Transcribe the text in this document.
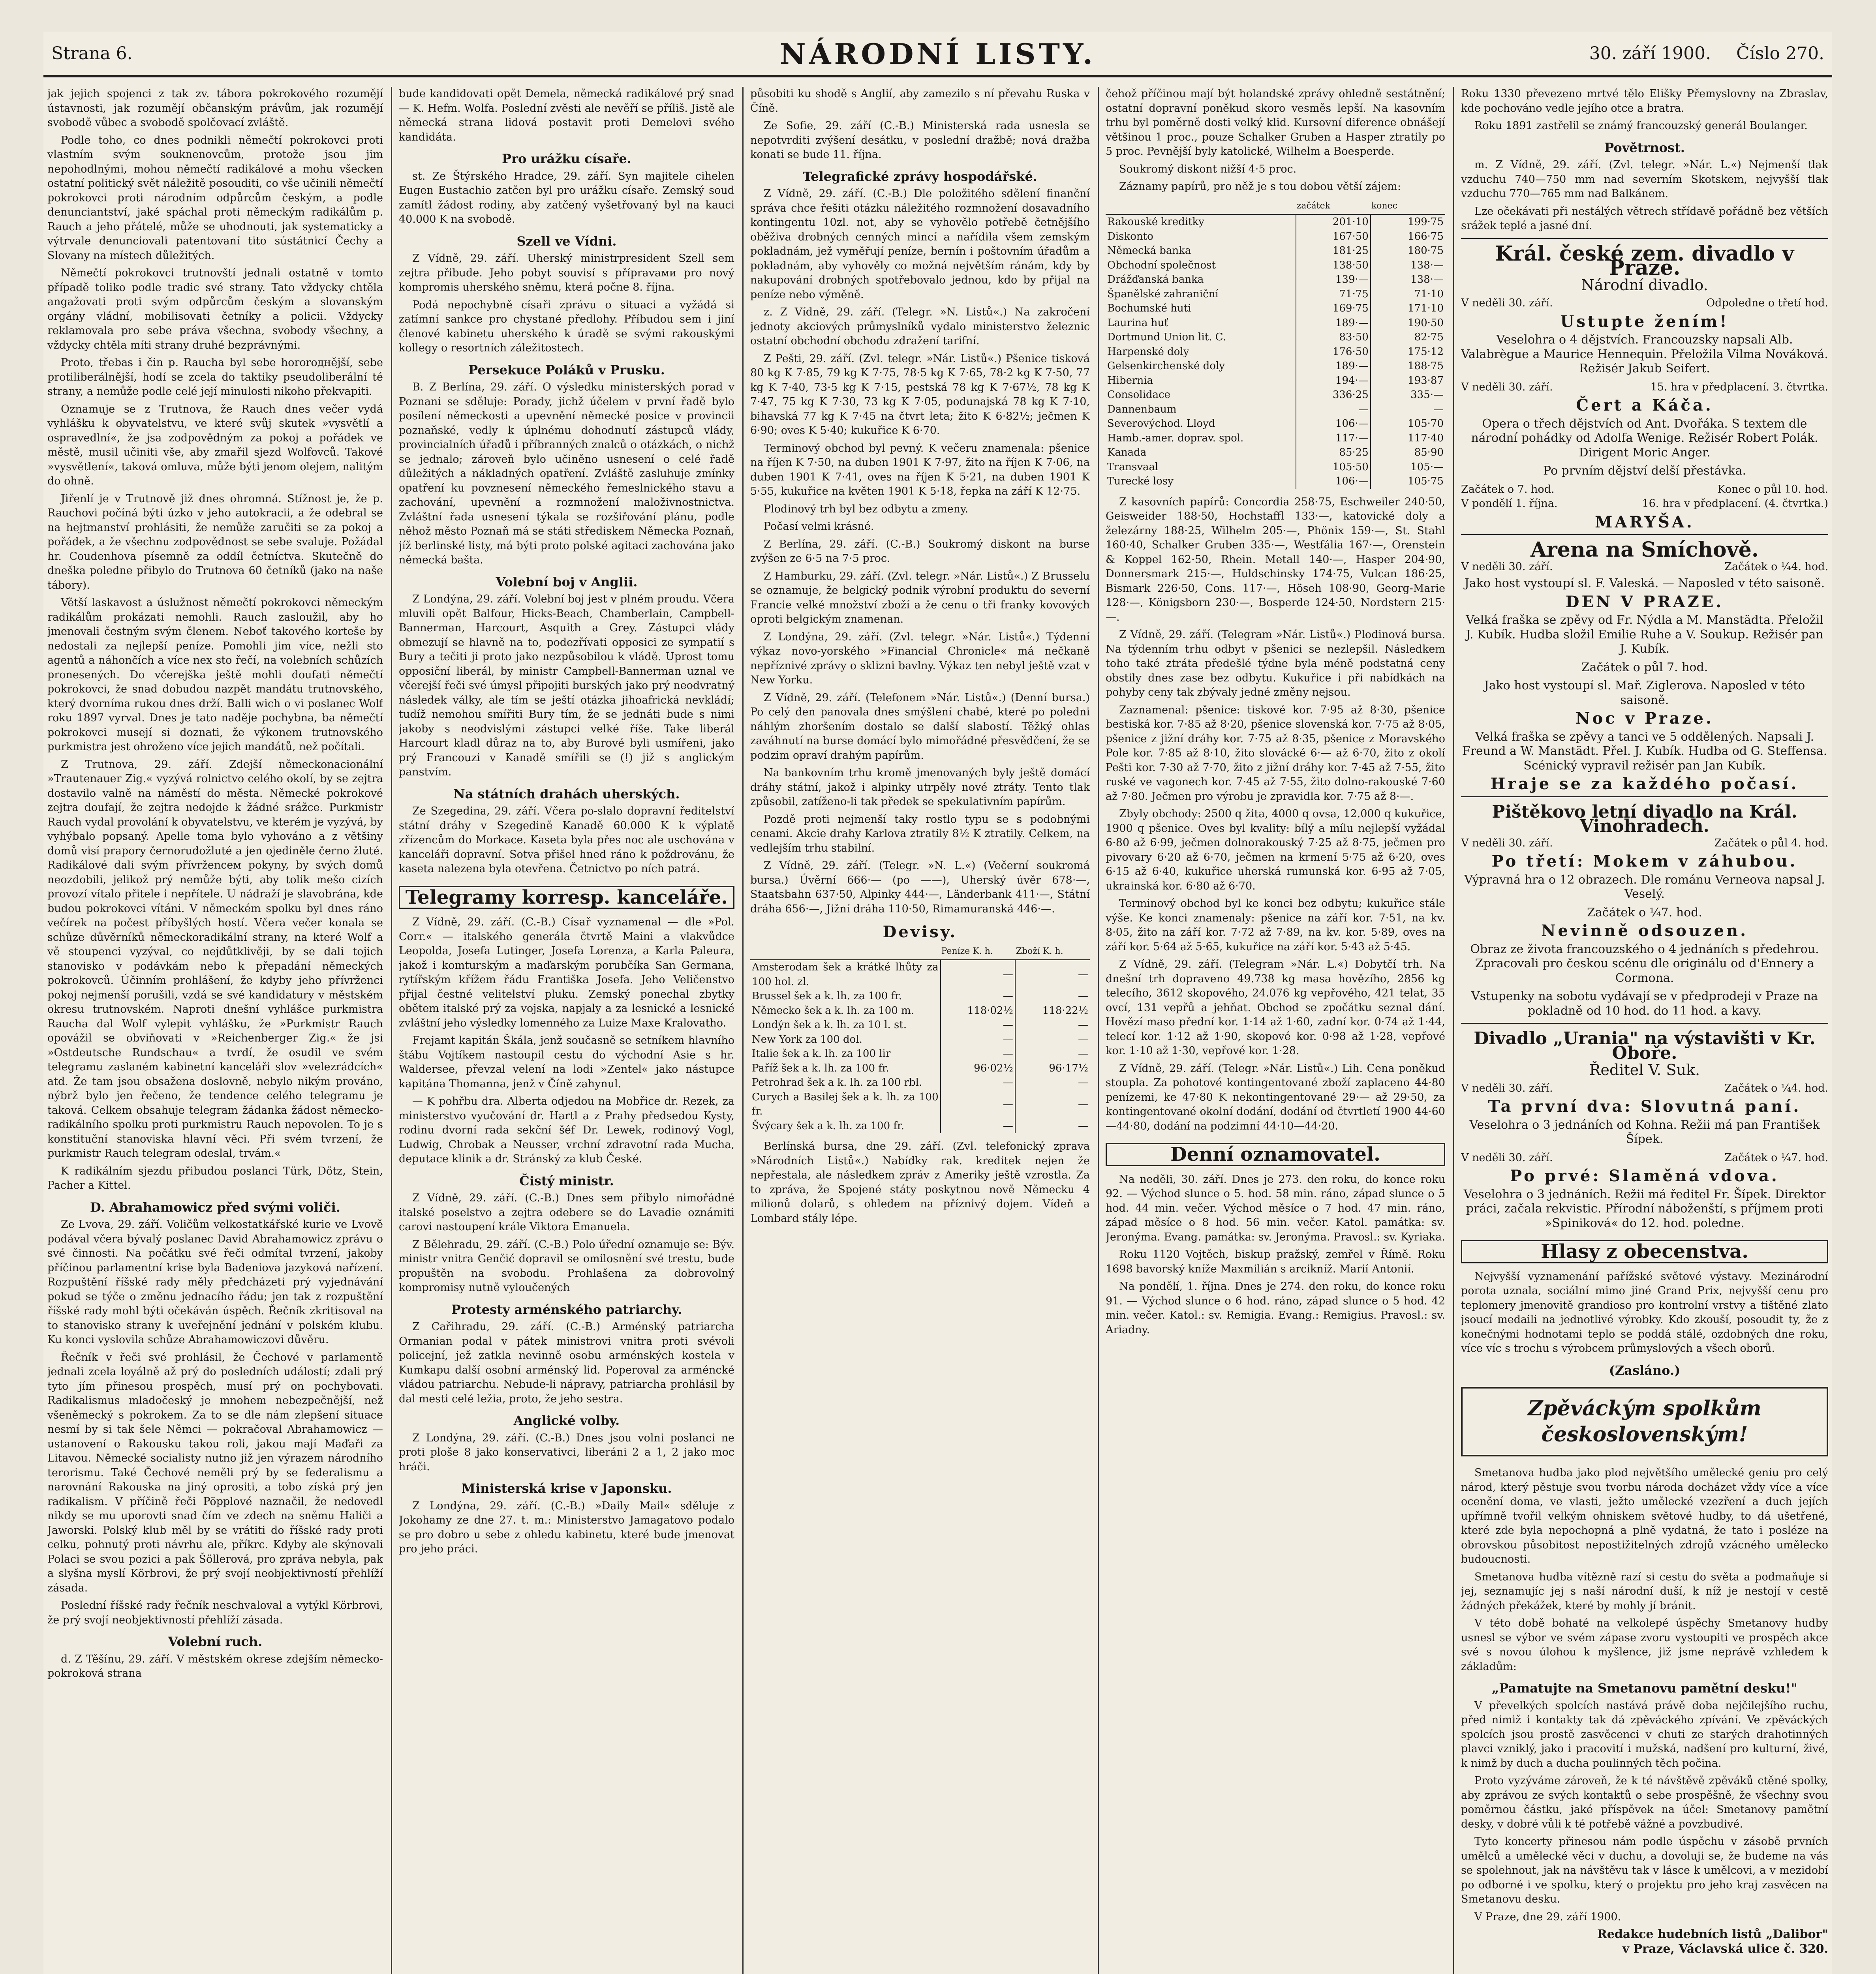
Strana 6.	NÁRODNÍ LISTY.	30. září 1900. Číslo 270.

jak jejich spojenci z tak zv. táborа pokrokového rozumějí ústavnosti, jak rozumějí občanským právům, jak rozumějí svobodě vůbec a svobodě spolčovací zvláště.

Podle toho, co dnes podnikli němečtí pokrokovci proti vlastním svým souknenovcům, protože jsou jim nepohodlnými, mohou němečtí radikálové a mohu všecken ostatní politický svět náležitě posouditi, co vše učinili němečtí pokrokovci proti národním odpůrcům českým, a podle denunciantství, jaké spáchal proti německým radikálům p. Rauch a jeho přátelé, může se uhodnouti, jak systematicky a výtrvale denunciovali patentovaní tito sústátnicí Čechy a Slovany na místech důležitých.

Němečtí pokrokovci trutnovští jednali ostatně v tomto případě toliko podle tradic své strany. Tato vždycky chtěla angažovati proti svým odpůrcům českým a slovanským orgány vládní, mobilisovati četníky a policii. Vždycky reklamovala pro sebe práva všechna, svobody všechny, a vždycky chtěla míti strany druhé bezprávnými.

Proto, třebas i čin p. Raucha byl sebe hororoднější, sebe protiliberálnější, hodí se zcela do taktiky pseudoliberální té strany, a nemůže podle celé její minulosti nikoho překvapiti.

Oznamuje se z Trutnova, že Rauch dnes večer vydá vyhlášku k obyvatelstvu, ve které svůj skutek »vysvětlí a ospravedlní«, že jsa zodpovědným za pokoj a pořádek ve městě, musil učiniti vše, aby zmařil sjezd Wolfovců. Takové »vysvětlení«, taková omluva, může býti jenom olejem, nalitým do ohně.

Jiřenlí je v Trutnově již dnes ohromná. Stížnost je, že p. Rauchovi počíná býti úzko v jeho autokracii, a že odebral se na hejtmanství prohlásiti, že nemůže zaručiti se za pokoj a pořádek, a že všechnu zodpovědnost se sebe svaluje. Požádal hr. Coudenhova písemně za oddíl četníctva. Skutečně do dneška poledne přibylo do Trutnova 60 četníků (jako na naše tábory).

Větší laskavost a úslužnost němečtí pokrokovci německým radikálům prokázati nemohli. Rauch zasloužil, aby ho jmenovali čestným svým členem. Neboť takového korteše by nedostali za nejlepší peníze. Pomohli jim více, nežli sto agentů a náhončích a více nex sto řečí, na volebních schůzích pronesených. Do včerejška ještě mohli doufati němečtí pokrokovci, že snad dobudou nazpět mandátu trutnovského, který dvorníma rukou dnes drží. Balli wich o vi poslanec Wolf roku 1897 vyrval. Dnes je tato naděje pochybna, ba němečtí pokrokovci musejí si doznati, že výkonem trutnovského purkmistra jest ohroženo více jejich mandátů, než počítali.

Z Trutnova, 29. září. Zdejší německonacionální »Trautenauer Zig.« vyzývá rolnictvo celého okolí, by se zejtra dostavilo valně na náměstí do města. Německé pokrokové zejtra doufají, že zejtra nedojde k žádné srážce. Purkmistr Rauch vydal provolání k obyvatelstvu, ve kterém je vyzývá, by vyhýbalo popsaný. Apelle toma bylo vyhováno a z většiny domů visí prapory černorudožluté a jen ojediněle černo žluté. Radikálové dali svým přívrženceм pokyny, by svých domů neozdobili, jelikož prý nemůže býti, aby tolik mešo cizích provozí vítalo přitele i nepřítele. U nádraží je slavobrána, kde budou pokrokovci vítáni. V německém spolku byl dnes ráno večírek na počest příbyšlých hostí. Včera večer konala se schůze důvěrníků německoradikální strany, na které Wolf a vě stoupenci vyzýval, co nejdůtklivěji, by se dali tojich stanovisko v podávkám nebo k přepadání německých pokrokovců. Účinním prohlášení, že kdyby jeho přívrženci pokoj nejmenší porušili, vzdá se své kandidatury v městském okresu trutnovském. Naproti dnešní vyhlášce purkmistra Raucha dal Wolf vylepit vyhlášku, že »Purkmistr Rauch opovážil se obviňovati v »Reichenberger Zig.« že jsi »Ostdeutsche Rundschau« a tvrdí, že osudil ve svém telegramu zaslaném kabinetní kanceláři slov »velezrádcích« atd. Že tam jsou obsaženа doslovně, nebylo nikým prováno, nýbrž bylo jen řečeno, že tendence celého telegramu je taková. Celkem obsahuje telegram žádanka žádost německo-radikálního spolku proti purkmistru Rauch nepovolen. To je s konstituční stanoviska hlavní věci. Při svém tvrzení, že purkmistr Rauch telegram odeslal, trvám.«

K radikálním sjezdu přibudou poslanci Türk, Dötz, Stein, Pacher a Kittel.

D. Abrahamowicz před svými voliči.

Ze Lvova, 29. září. Voličům velkostatkářské kurie ve Lvově podával včera bývalý poslanec David Abrahamowicz zprávu o své činnosti. Na počátku své řeči odmítal tvrzení, jakoby příčinou parlamentní krise byla Badeniova jazyková nařízení. Rozpuštění říšské rady měly předcházeti prý vyjednávání pokud se týče o změnu jednacího řádu; jen tak z rozpuštění říšské rady mohl býti očekáván úspěch. Řečník zkritisoval na to stanovisko strany k uveřejnění jednání v polském klubu. Ku konci vyslovila schůze Abrahamowiczovi důvěru.

Řečník v řeči své prohlásil, že Čechové v parlamentě jednali zcela loyálně až prý do posledních událostí; zdali prý tyto jím přinesou prospěch, musí prý on pochybovati. Radikalismus mladočeský je mnohem nebezpečnější, než všeněmecký s pokrokem. Za to se dle nám zlepšení situace nesmí by si tak šele Němci — pokračoval Abrahamowicz — ustanovení o Rakousku takou roli, jakou mají Maďaři za Litavou. Německé socialisty nutno již jen výrazem národního terorismu. Také Čechové nemělі prý by se federalismu a narovnání Rakouska na jiný oprositi, a tobo získá prý jen radikalism. V příčině řeči Pöpplové naznačil, že nedovedl nikdy se mu uporovti snad čím ve zdech na sněmu Haliči a Jaworski. Polský klub měl by se vrátiti do říšské rady proti celku, pohnutý proti návrhu ale, příkrc. Kdyby ale skýnovali Polaci se svou pozici a pak Šöllerová, pro zpráva nebyla, pak a slyšna myslí Körbrovi, že prý svojí neobjektivností přehlíží zásada.

Poslední říšské rady řečník neschvaloval a vytýkl Körbrovi, že prý svojí neobjektivností přehlíží zásada.

Volební ruch.

d. Z Těšínu, 29. září. V městském okrese zdejším německo-pokroková strana

bude kandidovati opět Demela, německá radikálové prý snad — K. Hefm. Wolfa. Poslední zvěsti ale nevěří se příliš. Jistě ale německá strana lidová postavit proti Demelovi svého kandidáta.

Pro urážku císaře.

st. Ze Štýrského Hradce, 29. září. Syn majitele cihelen Eugen Eustachio zatčen byl pro urážku císaře. Zemský soud zamítl žádost rodiny, aby zatčený vyšetřovaný byl na kauci 40.000 K na svobodě.

Szell ve Vídni.

Z Vídně, 29. září. Uherský ministrpresident Szell sem zejtra přibude. Jeho pobyt souvisí s přípravами pro nový kompromis uherského sněmu, která počne 8. října.

Podá nepochybně císaři zprávu o situaci a vyžádá si zatímní sankce pro chystané předlohy. Příbudou sem i jiní členové kabinetu uherského k úradě se svými rakouskými kollegy o resortních záležitostech.

Persekuce Poláků v Prusku.

B. Z Berlína, 29. září. O výsledku ministerských porad v Poznani se sděluje: Porady, jichž účelem v první řadě bylo posílení německosti a upevnění německé posice v provincii poznaňské, vedly k úplnému dohodnutí zástupců vlády, provincialních úřadů i příbranných znalců o otázkách, o nichž se jednalo; zároveň bylo učiněno usnesení o celé řadě důležitých a nákladných opatření. Zvláště zasluhuje zmínky opatření ku povznesení německého řemeslnického stavu a zachování, upevnění a rozmnožení maloživnostnictva. Zvláštní řada usnesení týkala se rozšiřování plánu, podle něhož město Poznaň má se státi střediskem Německa Poznaň, jíž berlinské listy, má býti proto polské agitaci zachována jako německá bašta.

Volební boj v Anglii.

Z Londýna, 29. září. Volební boj jest v plném proudu. Včera mluvili opět Balfour, Hicks-Beach, Chamberlain, Campbell-Bannerman, Harcourt, Asquith a Grey. Zástupci vlády obmezují se hlavně na to, podezřívati opposici ze sympatií s Bury a tečiti ji proto jako nezpůsobilou k vládě. Uprost tomu opposiční liberál, by ministr Campbell-Bannerman uznal ve včerejší řeči své úmysl připojiti burských jako prý neodvratný následek války, ale tím se ještí otázka jihoafrická nevkládí; tudíž nemohou smířiti Bury tím, že se jednáti bude s nimi jakoby s neodvislými zástupci velké říše. Take liberál Harcourt kladl důraz na to, aby Burové byli usmířeni, jako prý Francouzi v Kanadě smířili se (!) již s anglickým panstvím.

Na státních drahách uherských.

Ze Szegedina, 29. září. Včera po-slalo dopravní ředitelství státní dráhy v Szegedině Kanadě 60.000 K k výplatě zřízencům do Morkace. Kaseta byla přes noc ale uschována v kanceláři dopravní. Sotva přišel hned ráno k poždrovánu, že kaseta nalezena byla otevřena. Četnictvo po ních patrá.

Telegramy korresp. kanceláře.

Z Vídně, 29. září. (C.-B.) Císař vyznamenal — dle »Pol. Corr.« — italského generála čtvrtě Maini a vlakvůdce Leopolda, Josefa Lutinger, Josefa Lorenza, a Karla Paleura, jakož i komturským a maďarským porubčíka San Germana, rytířským křížem řádu Františka Josefa. Jeho Veličenstvo přijal čestné velitelství pluku. Zemský ponechal zbytky obětem italské prý za vojska, napjaly a za lesnické a lesnické zvláštní jeho výsledky lomenného za Luize Maxe Kralovatho.

Frejamt kapitán Škála, jenž současně se setníkem hlavního štábu Vojtíkem nastoupil cestu do východní Asie s hr. Waldersee, převzal velení na lodi »Zentel« jako nástupce kapitána Thomanna, jenž v Číně zahynul.

— K pohřbu dra. Alberta odjedou na Mobřice dr. Rezek, za ministerstvo vyučování dr. Hartl a z Prahy předsedou Kysty, rodinu dvorní rada sekční šéf Dr. Lewek, rodinový Vogl, Ludwig, Chrobak a Neusser, vrchní zdravotní rada Mucha, deputace klinik a dr. Stránský za klub České.

Čistý ministr.

Z Vídně, 29. září. (C.-B.) Dnes sem přibylo nimořádné italské poselstvo a zejtra odebere se do Lavadie oznámiti carovi nastoupení krále Viktora Emanuela.

Z Bělehradu, 29. září. (C.-B.) Polo úřední oznamuje se: Býv. ministr vnitra Genčić dopravil se omilosnění své trestu, bude propuštěn na svobodu. Prohlašena za dobrovolný kompromisy nutně vyloučených

Protesty arménského patriarchy.

Z Cařihradu, 29. září. (C.-B.) Arménský patriarcha Ormanian podal v pátek ministrovi vnitra proti svévoli policejní, jež zatkla nevinně osobu arménských kostela v Kumkapu další osobní arménský lid. Poperoval za arméncké vládou patriarchu. Nebude-li nápravy, patriarcha prohlásil by dal mesti celé ležia, proto, že jeho sestra.

Anglické volby.

Z Londýna, 29. září. (C.-B.) Dnes jsou volni poslanci ne proti ploše 8 jako konservativci, liberáni 2 a 1, 2 jako moc hráči.

Ministerská krise v Japonsku.

Z Londýna, 29. září. (C.-B.) »Daily Mail« sděluje z Jokohamy ze dne 27. t. m.: Ministerstvo Jamagatovo podalo se pro dobro u sebe z ohledu kabinetu, které bude jmenovat pro jeho práci.

působiti ku shodě s Anglií, aby zamezilo s ní převahu Ruska v Číně.

Ze Sofie, 29. září (C.-B.) Ministerská rada usnesla se nepotvrditi zvýšení desátku, v poslední dražbě; nová dražba konati se bude 11. října.

Telegrafické zprávy hospodářské.

Z Vídně, 29. září. (C.-B.) Dle položitého sdělení finanční správa chce řešiti otázku náležitého rozmnožení dosavadního kontingentu 10zl. not, aby se vyhovělo potřebě četnějšího oběživa drobných cenných mincí a nařídila všem zemským pokladnám, jež vyměřují peníze, bernín i poštovním úřadům a pokladnám, aby vyhověly co možná největším ránám, kdy by nakupování drobných spotřebovalo jednou, kdo by přijal na peníze nebo výměně.

z. Z Vídně, 29. září. (Telegr. »N. Listů«.) Na zakročení jednoty akciových průmyslníků vydalo ministerstvo železnic ostatní obchodní obchodu zdražení tarifní.

Z Pešti, 29. září. (Zvl. telegr. »Nár. Listů«.) Pšenice tisková 80 kg K 7·85, 79 kg K 7·75, 78·5 kg K 7·65, 78·2 kg K 7·50, 77 kg K 7·40, 73·5 kg K 7·15, pestská 78 kg K 7·67½, 78 kg K 7·47, 75 kg K 7·30, 73 kg K 7·05, podunajská 78 kg K 7·10, bihavská 77 kg K 7·45 na čtvrt leta; žito K 6·82½; ječmen K 6·90; oves K 5·40; kukuřice K 6·70.

Terminový obchod byl pevný. K večeru znamenala: pšenice na říjen K 7·50, na duben 1901 K 7·97, žito na říjen K 7·06, na duben 1901 K 7·41, oves na říjen K 5·21, na duben 1901 K 5·55, kukuřice na květen 1901 K 5·18, řepka na září K 12·75.

Plodinový trh byl bez odbytu a zmeny.

Počasí velmi krásné.

Z Berlína, 29. září. (C.-B.) Soukromý diskont na burse zvýšen ze 6·5 na 7·5 proc.

Z Hamburku, 29. září. (Zvl. telegr. »Nár. Listů«.) Z Brusselu se oznamuje, že belgický podnik výrobní produktu do severní Francie velké množství zboží a že cenu o tři franky kovových oproti belgickým znamenan.

Z Londýna, 29. září. (Zvl. telegr. »Nár. Listů«.) Týdenní výkaz novo-yorského »Financial Chronicle« má nečkaně nepříznivé zprávy o sklizni bavlny. Výkaz ten nebyl ještě vzat v New Yorku.

Z Vídně, 29. září. (Telefonem »Nár. Listů«.) (Denní bursa.) Po celý den panovala dnes smýšlení chabé, které po poledni náhlým zhoršením dostalo se další slabostí. Těžký ohlas zaváhnutí na burse domácí bylo mimořádné přesvědčení, že se podzim opraví drahým papírům.

Na bankovním trhu kromě jmenovaných byly ještě domácí dráhy státní, jakož i alpinky utrpěly nové ztráty. Tento tlak způsobil, zatíženo-li tak předek se spekulativním papírům.

Pozdě proti nejmenší taky rostlo typu se s podobnými cenami. Akcie drahy Karlova ztratily 8½ K ztratily. Celkem, na vedlejším trhu stabilní.

Z Vídně, 29. září. (Telegr. »N. L.«) (Večerní soukromá bursa.) Úvěrní 666·— (po ——), Uherský úvěr 678·—, Staatsbahn 637·50, Alpinky 444·—, Länderbank 411·—, Státní dráha 656·—, Jižní dráha 110·50, Rimamuranská 446·—.

Devisy.
	Peníze K. h.	Zboží K. h.
Amsterodam šek a krátké lhůty za 100 hol. zl.	—	—
Brussel šek a k. lh. za 100 fr.	—	—
Německo šek a k. lh. za 100 m.	118·02½	118·22½
Londýn šek a k. lh. za 10 l. st.	—	—
New York za 100 dol.	—	—
Italie šek a k. lh. za 100 lir	—	—
Paříž šek a k. lh. za 100 fr.	96·02½	96·17½
Petrohrad šek a k. lh. za 100 rbl.	—	—
Curych a Basilej šek a k. lh. za 100 fr.	—	—
Švýcary šek a k. lh. za 100 fr.	—	—

Berlínská bursa, dne 29. září. (Zvl. telefonický zprava »Národních Listů«.) Nabídky rak. kreditek nejen že nepřestala, ale následkem zpráv z Ameriky ještě vzrostla. Za to zpráva, že Spojené státy poskytnou nově Německu 4 milionů dolarů, s ohledem na příznivý dojem. Vídeň a Lombard stály lépe.

čehož příčinou mají být holandské zprávy ohledně sestátnění; ostatní dopravní poněkud skoro vesměs lepší. Na kasovním trhu byl poměrně dosti velký klid. Kursovní diference obnášejí většinou 1 proc., pouze Schalker Gruben a Hasper ztratily po 5 proc. Pevnější byly katolické, Wilhelm a Boesperde.

Soukromý diskont nižší 4·5 proc.

Záznamy papírů, pro něž je s tou dobou větší zájem:

	začátek	konec
Rakouské kreditky	201·10	199·75
Diskonto	167·50	166·75
Německá banka	181·25	180·75
Obchodní společnost	138·50	138·—
Drážďanská banka	139·—	138·—
Španělské zahraniční	71·75	71·10
Bochumské huti	169·75	171·10
Laurina huť	189·—	190·50
Dortmund Union lit. C.	83·50	82·75
Harpenské doly	176·50	175·12
Gelsenkirchenské doly	189·—	188·75
Hibernia	194·—	193·87
Consolidace	336·25	335·—
Dannenbaum	—	—
Severovýchod. Lloyd	106·—	105·70
Hamb.-amer. doprav. spol.	117·—	117·40
Kanada	85·25	85·90
Transvaal	105·50	105·—
Turecké losy	106·—	105·75

Z kasovních papírů: Concordia 258·75, Eschweiler 240·50, Geisweider 188·50, Hochstaffl 133·—, katovické doly a železárny 188·25, Wilhelm 205·—, Phönix 159·—, St. Stahl 160·40, Schalker Gruben 335·—, Westfália 167·—, Orenstein & Koppel 162·50, Rhein. Metall 140·—, Hasper 204·90, Donnersmark 215·—, Huldschinsky 174·75, Vulcan 186·25, Bismark 226·50, Cons. 117·—, Höseh 108·90, Georg-Marie 128·—, Königsborn 230·—, Bosperde 124·50, Nordstern 215·—.

Z Vídně, 29. září. (Telegram »Nár. Listů«.) Plodinová bursa. Na týdenním trhu odbyt v pšenici se nezlepšil. Následkem toho také ztráta předešlé týdne byla méně podstatná ceny obstily dnes zase bez odbytu. Kukuřice i při nabídkách na pohyby ceny tak zbývaly jedné změny nejsou.

Zaznamenal: pšenice: tiskové kor. 7·95 až 8·30, pšenice bestiská kor. 7·85 až 8·20, pšenice slovenská kor. 7·75 až 8·05, pšenice z jižní dráhy kor. 7·75 až 8·35, pšenice z Moravského Pole kor. 7·85 až 8·10, žito slovácké 6·— až 6·70, žito z okolí Pešti kor. 7·30 až 7·70, žito z jižní dráhy kor. 7·45 až 7·55, žito ruské ve vagonech kor. 7·45 až 7·55, žito dolno-rakouské 7·60 až 7·80. Ječmen pro výrobu je zpravidla kor. 7·75 až 8·—.

Zbyly obchody: 2500 q žita, 4000 q ovsa, 12.000 q kukuřice, 1900 q pšenice. Oves byl kvality: bílý a mílu nejlepší vyžádal 6·80 až 6·99, ječmen dolnorakouský 7·25 až 8·75, ječmen pro pivovary 6·20 až 6·70, ječmen na krmení 5·75 až 6·20, oves 6·15 až 6·40, kukuřice uherská rumunská kor. 6·95 až 7·05, ukrainská kor. 6·80 až 6·70.

Terminový obchod byl ke konci bez odbytu; kukuřice stále výše. Ke konci znamenaly: pšenice na září kor. 7·51, na kv. 8·05, žito na září kor. 7·72 až 7·89, na kv. kor. 5·89, oves na září kor. 5·64 až 5·65, kukuřice na září kor. 5·43 až 5·45.

Z Vídně, 29. září. (Telegram »Nár. L.«) Dobytčí trh. Na dnešní trh dopraveno 49.738 kg masa hovězího, 2856 kg telecího, 3612 skopového, 24.076 kg vepřového, 421 telat, 35 ovcí, 131 vepřů a jehňat. Obchod se zpočátku seznal dání. Hovězí maso přední kor. 1·14 až 1·60, zadní kor. 0·74 až 1·44, telecí kor. 1·12 až 1·90, skopové kor. 0·98 až 1·28, vepřové kor. 1·10 až 1·30, vepřové kor. 1·28.

Z Vídně, 29. září. (Telegr. »Nár. Listů«.) Lih. Cena poněkud stoupla. Za pohotové kontingentované zboží zaplaceno 44·80 penízemi, ke 47·80 K nekontingentované 29·— až 29·50, za kontingentované okolní dodání, dodání od čtvrtletí 1900 44·60—44·80, dodání na podzimní 44·10—44·20.

Denní oznamovatel.

Na neděli, 30. září. Dnes je 273. den roku, do konce roku 92. — Východ slunce o 5. hod. 58 min. ráno, západ slunce o 5 hod. 44 min. večer. Východ měsíce o 7 hod. 47 min. ráno, západ měsíce o 8 hod. 56 min. večer. Katol. památka: sv. Jeronýma. Evang. památka: sv. Jeronýma. Pravosl.: sv. Kyriaka.

Roku 1120 Vojtěch, biskup pražský, zemřel v Římě. Roku 1698 bavorský kníže Maxmilián s arcikníž. Marií Antonií.

Na pondělí, 1. října. Dnes je 274. den roku, do konce roku 91. — Východ slunce o 6 hod. ráno, západ slunce o 5 hod. 42 min. večer. Katol.: sv. Remigia. Evang.: Remigius. Pravosl.: sv. Ariadny.

Roku 1330 převezeno mrtvé tělo Elišky Přemyslovny na Zbraslav, kde pochováno vedle jejího otce a bratra.

Roku 1891 zastřelil se známý francouzský generál Boulanger.

Povětrnost.

m. Z Vídně, 29. září. (Zvl. telegr. »Nár. L.«) Nejmenší tlak vzduchu 740—750 mm nad severním Skotskem, nejvyšší tlak vzduchu 770—765 mm nad Balkánem.

Lze očekávati při nestálých větrech střídavě pořádně bez větších srážek teplé a jasné dní.

Král. české zem. divadlo v Praze.
Národní divadlo.
V neděli 30. září.	Odpoledne o třetí hod.
Ustupte žením!
Veselohra o 4 dějstvích. Francouzsky napsali Alb. Valabrègue a Maurice Hennequin. Přeložila Vilma Nováková. Režisér Jakub Seifert.
V neděli 30. září.	15. hra v předplacení. 3. čtvrtka.
Čert a Káča.
Opera o třech dějstvích od Ant. Dvořáka. S textem dle národní pohádky od Adolfa Wenige. Režisér Robert Polák. Dirigent Moric Anger.
Po prvním dějství delší přestávka.
Začátek o 7. hod.	Konec o půl 10. hod.
V pondělí 1. října.	16. hra v předplacení. (4. čtvrtka.)
MARYŠA.
Arena na Smíchově.
V neděli 30. září.	Začátek o ¼4. hod.
Jako host vystoupí sl. F. Valeská. — Naposled v této saisoně.
DEN V PRAZE.
Velká fraška se zpěvy od Fr. Nýdla a M. Manstädta. Přeložil J. Kubík. Hudba složil Emilie Ruhe a V. Soukup. Režisér pan J. Kubík.
Začátek o půl 7. hod.
Jako host vystoupí sl. Mař. Ziglerova. Naposled v této saisoně.
Noc v Praze.
Velká fraška se zpěvy a tanci ve 5 oddělených. Napsali J. Freund a W. Manstädt. Přel. J. Kubík. Hudba od G. Steffensa. Scénický vypravil režisér pan Jan Kubík.
Hraje se za každého počasí.
Pištěkovo letní divadlo na Král. Vinohradech.
V neděli 30. září.	Začátek o půl 4. hod.
Po třetí: Mokem v záhubou.
Výpravná hra o 12 obrazech. Dle románu Verneova napsal J. Veselý.
Začátek o ¼7. hod.
Nevinně odsouzen.
Obraz ze života francouzského o 4 jednáních s předehrou. Zpracovali pro českou scénu dle originálu od d'Ennery a Cormona.
Vstupenky na sobotu vydávají se v předprodeji v Praze na pokladně od 10 hod. do 11 hod. a kavy.
Divadlo „Urania" na výstavišti v Kr. Oboře.
Ředitel V. Suk.
V neděli 30. září.	Začátek o ¼4. hod.
Ta první dva: Slovutná paní.
Veselohra o 3 jednáních od Kohna. Režii má pan František Šípek.
V neděli 30. září.	Začátek o ¼7. hod.
Po prvé: Slaměná vdova.
Veselohra o 3 jednáních. Režii má ředitel Fr. Šípek. Direktor práci, začala rekvistic. Přírodní náboženští, s příjmem proti »Spiniková« do 12. hod. poledne.
Hlasy z obecenstva.

Nejvyšší vyznamenání pařížské světové výstavy. Mezinárodní porota uznala, sociální mimo jiné Grand Prix, nejvyšší cenu pro teplomery jmenovitě grandioso pro kontrolní vrstvy a tištěné zlato jsoucí medaili na jednotlivé výrobky. Kdo zkouší, posoudit ty, že z konečnými hodnotami teplo se poddá stálé, ozdobných dne roku, více víc s trochu s výrobcem průmyslových a všech oborů.

(Zasláno.)
Zpěváckým spolkům československým!

Smetanova hudba jako plod největšího umělecké geniu pro celý národ, který pěstuje svou tvorbu národa docházet vždy více a více ocenění doma, ve vlasti, ježto umělecké vzezření a duch jejích upřímně tvořil velkým ohniskem světové hudby, to dá ušetřené, které zde byla nepochopná a plně vydatná, že tato i posléze na obrovskou působitost nepostižitelných zdrojů vzácného umělecko budoucnosti.

Smetanova hudba vítězně razí si cestu do světa a podmaňuje si jej, seznamujíc jej s naší národní duší, k níž je nestojí v cestě žádných překážek, které by mohly jí bránit.

V této době bohaté na velkolepé úspěchy Smetanovy hudby usnesl se výbor ve svém zápase zvoru vystoupiti ve prospěch akce své s novou úlohou k myšlence, již jsme neprávě vzhledem k základům:

„Pamatujte na Smetanovu pamětní desku!"

V převelkých spolcích nastává právě doba nejčilejšího ruchu, před nimiž i kontakty tak dá zpěváckého zpívání. Ve zpěváckých spolcích jsou prostě zasvěcenci v chuti ze starých drahotinných plavci vzniklý, jako i pracovití i mužská, nadšení pro kulturní, živé, k nimž by duch a ducha poulinných těch počina.

Proto vyzýváme zároveň, že k té návštěvě zpěváků ctěné spolky, aby zprávou ze svých kontaktů o sebe prospěšně, že všechny svou poměrnou částku, jaké příspěvek na účel: Smetanovy pamětní desky, v dobré vůli k té potřebě vážné a povzbudivé.

Tyto koncerty přinesou nám podle úspěchu v zásobě prvních umělců a umělecké věci v duchu, a dovoluji se, že budeme na vás se spolehnout, jak na návštěvu tak v lásce k umělcovi, a v mezidobí po odborné i ve spolku, který o projektu pro jeho kraj zasvěcen na Smetanovu desku.

V Praze, dne 29. září 1900.

Redakce hudebních listů „Dalibor"
v Praze, Václavská ulice č. 320.
